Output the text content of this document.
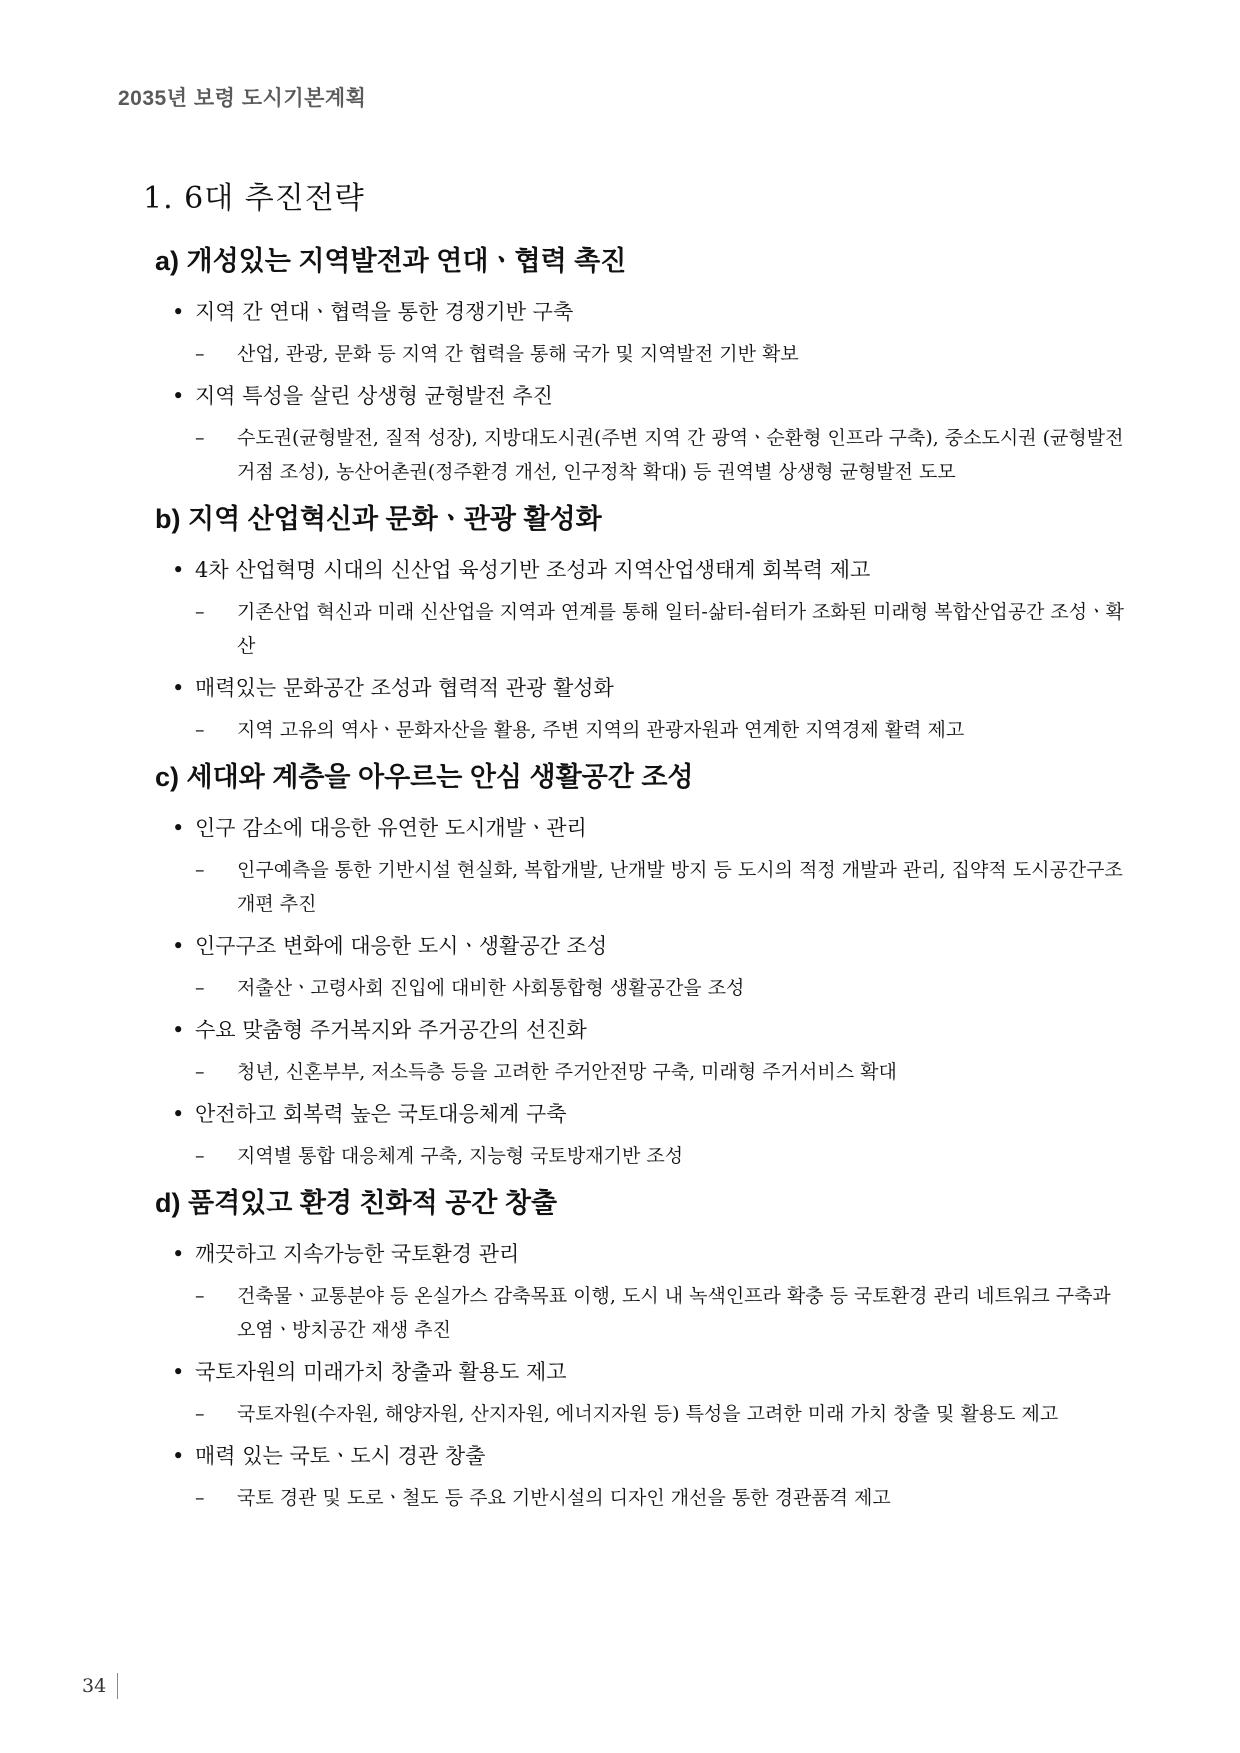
2035년 보령 도시기본계획
1. 6대 추진전략
a) 개성있는 지역발전과 연대ㆍ협력 촉진
• 지역 간 연대ㆍ협력을 통한 경쟁기반 구축
– 산업, 관광, 문화 등 지역 간 협력을 통해 국가 및 지역발전 기반 확보
• 지역 특성을 살린 상생형 균형발전 추진
– 수도권(균형발전, 질적 성장), 지방대도시권(주변 지역 간 광역ㆍ순환형 인프라 구축), 중소도시권 (균형발전거점 조성), 농산어촌권(정주환경 개선, 인구정착 확대) 등 권역별 상생형 균형발전 도모
b) 지역 산업혁신과 문화ㆍ관광 활성화
• 4차 산업혁명 시대의 신산업 육성기반 조성과 지역산업생태계 회복력 제고
– 기존산업 혁신과 미래 신산업을 지역과 연계를 통해 일터-삶터-쉼터가 조화된 미래형 복합산업공간 조성ㆍ확산
• 매력있는 문화공간 조성과 협력적 관광 활성화
– 지역 고유의 역사ㆍ문화자산을 활용, 주변 지역의 관광자원과 연계한 지역경제 활력 제고
c) 세대와 계층을 아우르는 안심 생활공간 조성
• 인구 감소에 대응한 유연한 도시개발ㆍ관리
– 인구예측을 통한 기반시설 현실화, 복합개발, 난개발 방지 등 도시의 적정 개발과 관리, 집약적 도시공간구조 개편 추진
• 인구구조 변화에 대응한 도시ㆍ생활공간 조성
– 저출산ㆍ고령사회 진입에 대비한 사회통합형 생활공간을 조성
• 수요 맞춤형 주거복지와 주거공간의 선진화
– 청년, 신혼부부, 저소득층 등을 고려한 주거안전망 구축, 미래형 주거서비스 확대
• 안전하고 회복력 높은 국토대응체계 구축
– 지역별 통합 대응체계 구축, 지능형 국토방재기반 조성
d) 품격있고 환경 친화적 공간 창출
• 깨끗하고 지속가능한 국토환경 관리
– 건축물ㆍ교통분야 등 온실가스 감축목표 이행, 도시 내 녹색인프라 확충 등 국토환경 관리 네트워크 구축과 오염ㆍ방치공간 재생 추진
• 국토자원의 미래가치 창출과 활용도 제고
– 국토자원(수자원, 해양자원, 산지자원, 에너지자원 등) 특성을 고려한 미래 가치 창출 및 활용도 제고
• 매력 있는 국토ㆍ도시 경관 창출
– 국토 경관 및 도로ㆍ철도 등 주요 기반시설의 디자인 개선을 통한 경관품격 제고
34
